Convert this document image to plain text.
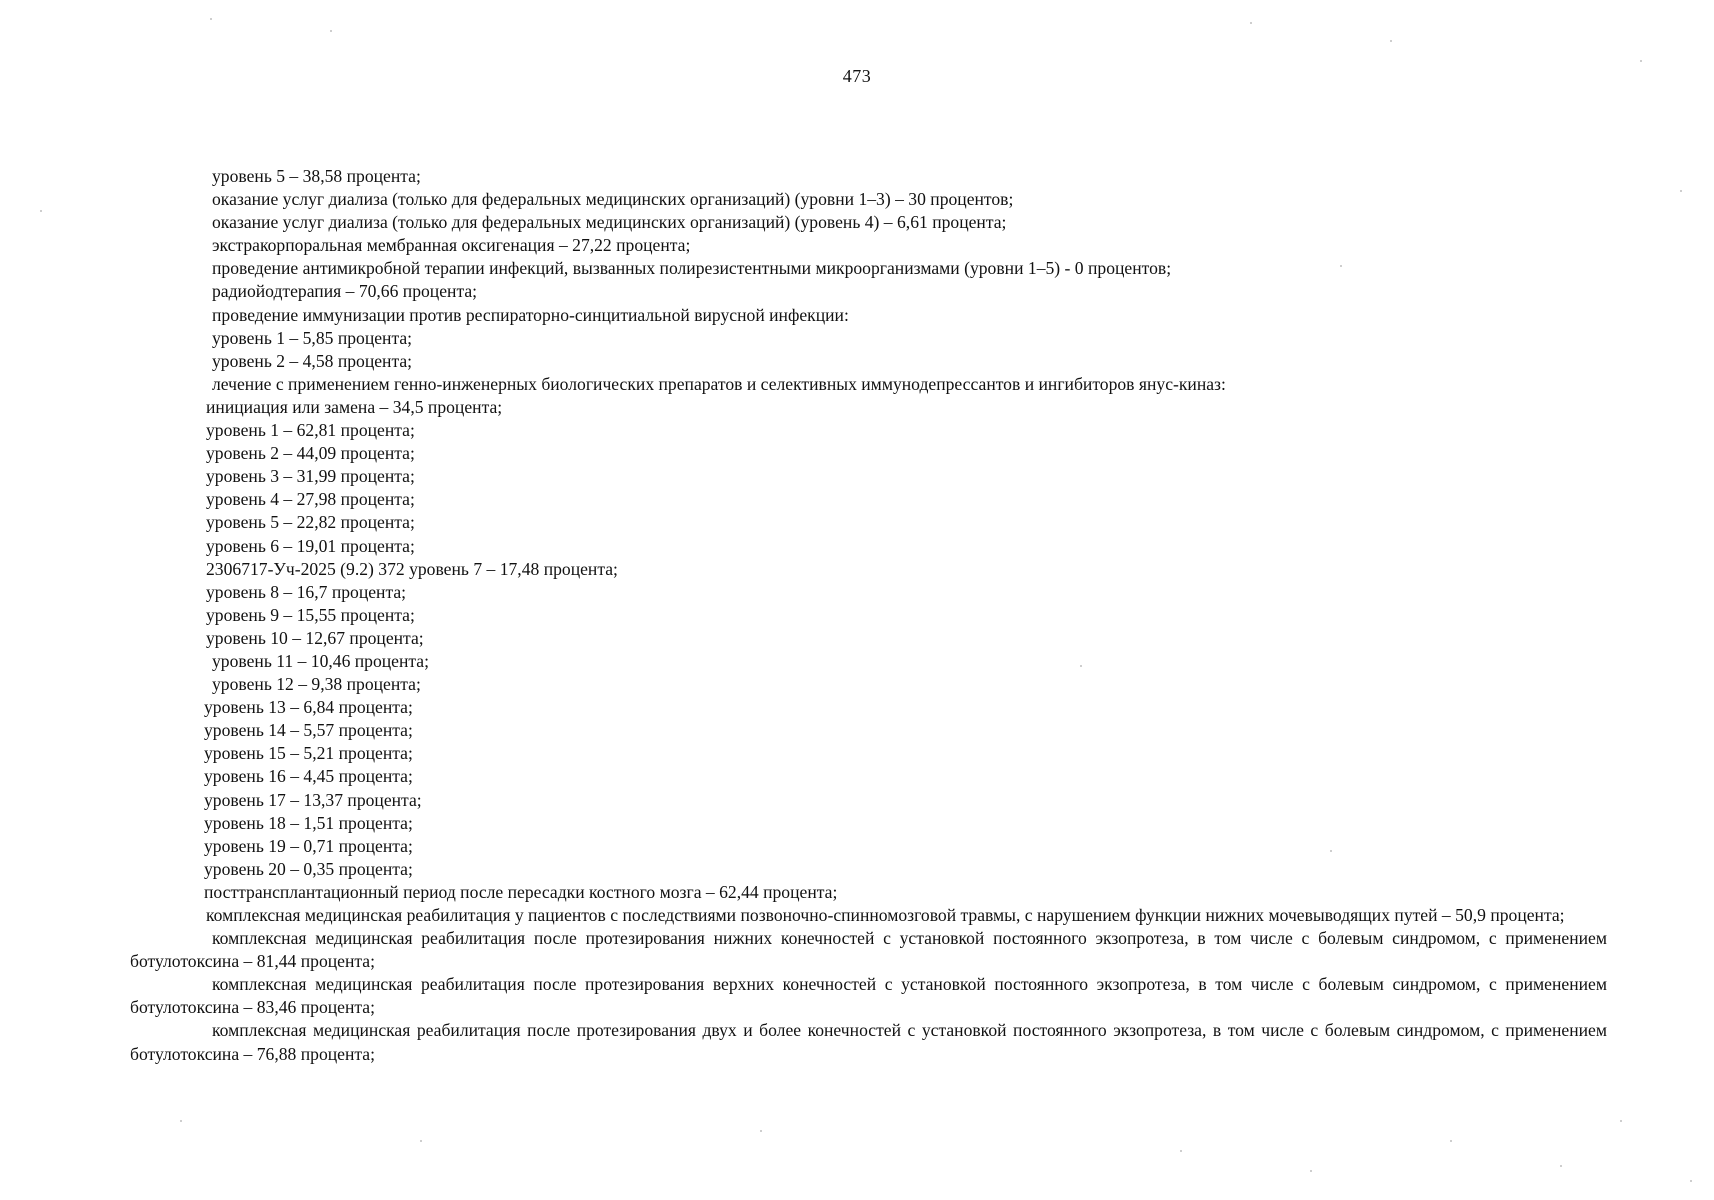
473
уровень 5 – 38,58 процента;
оказание услуг диализа (только для федеральных медицинских организаций) (уровни 1–3) – 30 процентов;
оказание услуг диализа (только для федеральных медицинских организаций) (уровень 4) – 6,61 процента;
экстракорпоральная мембранная оксигенация – 27,22 процента;
проведение антимикробной терапии инфекций, вызванных полирезистентными микроорганизмами (уровни 1–5) - 0 процентов;
радиойодтерапия – 70,66 процента;
проведение иммунизации против респираторно-синцитиальной вирусной инфекции:
уровень 1 – 5,85 процента;
уровень 2 – 4,58 процента;
лечение с применением генно-инженерных биологических препаратов и селективных иммунодепрессантов и ингибиторов янус-киназ:
инициация или замена – 34,5 процента;
уровень 1 – 62,81 процента;
уровень 2 – 44,09 процента;
уровень 3 – 31,99 процента;
уровень 4 – 27,98 процента;
уровень 5 – 22,82 процента;
уровень 6 – 19,01 процента;
2306717-Уч-2025 (9.2) 372 уровень 7 – 17,48 процента;
уровень 8 – 16,7 процента;
уровень 9 – 15,55 процента;
уровень 10 – 12,67 процента;
уровень 11 – 10,46 процента;
уровень 12 – 9,38 процента;
уровень 13 – 6,84 процента;
уровень 14 – 5,57 процента;
уровень 15 – 5,21 процента;
уровень 16 – 4,45 процента;
уровень 17 – 13,37 процента;
уровень 18 – 1,51 процента;
уровень 19 – 0,71 процента;
уровень 20 – 0,35 процента;
посттрансплантационный период после пересадки костного мозга – 62,44 процента;
комплексная медицинская реабилитация у пациентов с последствиями позвоночно-спинномозговой травмы, с нарушением функции нижних мочевыводящих путей – 50,9 процента;
комплексная медицинская реабилитация после протезирования нижних конечностей с установкой постоянного экзопротеза, в том числе с болевым синдромом, с применением ботулотоксина – 81,44 процента;
комплексная медицинская реабилитация после протезирования верхних конечностей с установкой постоянного экзопротеза, в том числе с болевым синдромом, с применением ботулотоксина – 83,46 процента;
комплексная медицинская реабилитация после протезирования двух и более конечностей с установкой постоянного экзопротеза, в том числе с болевым синдромом, с применением ботулотоксина – 76,88 процента;
